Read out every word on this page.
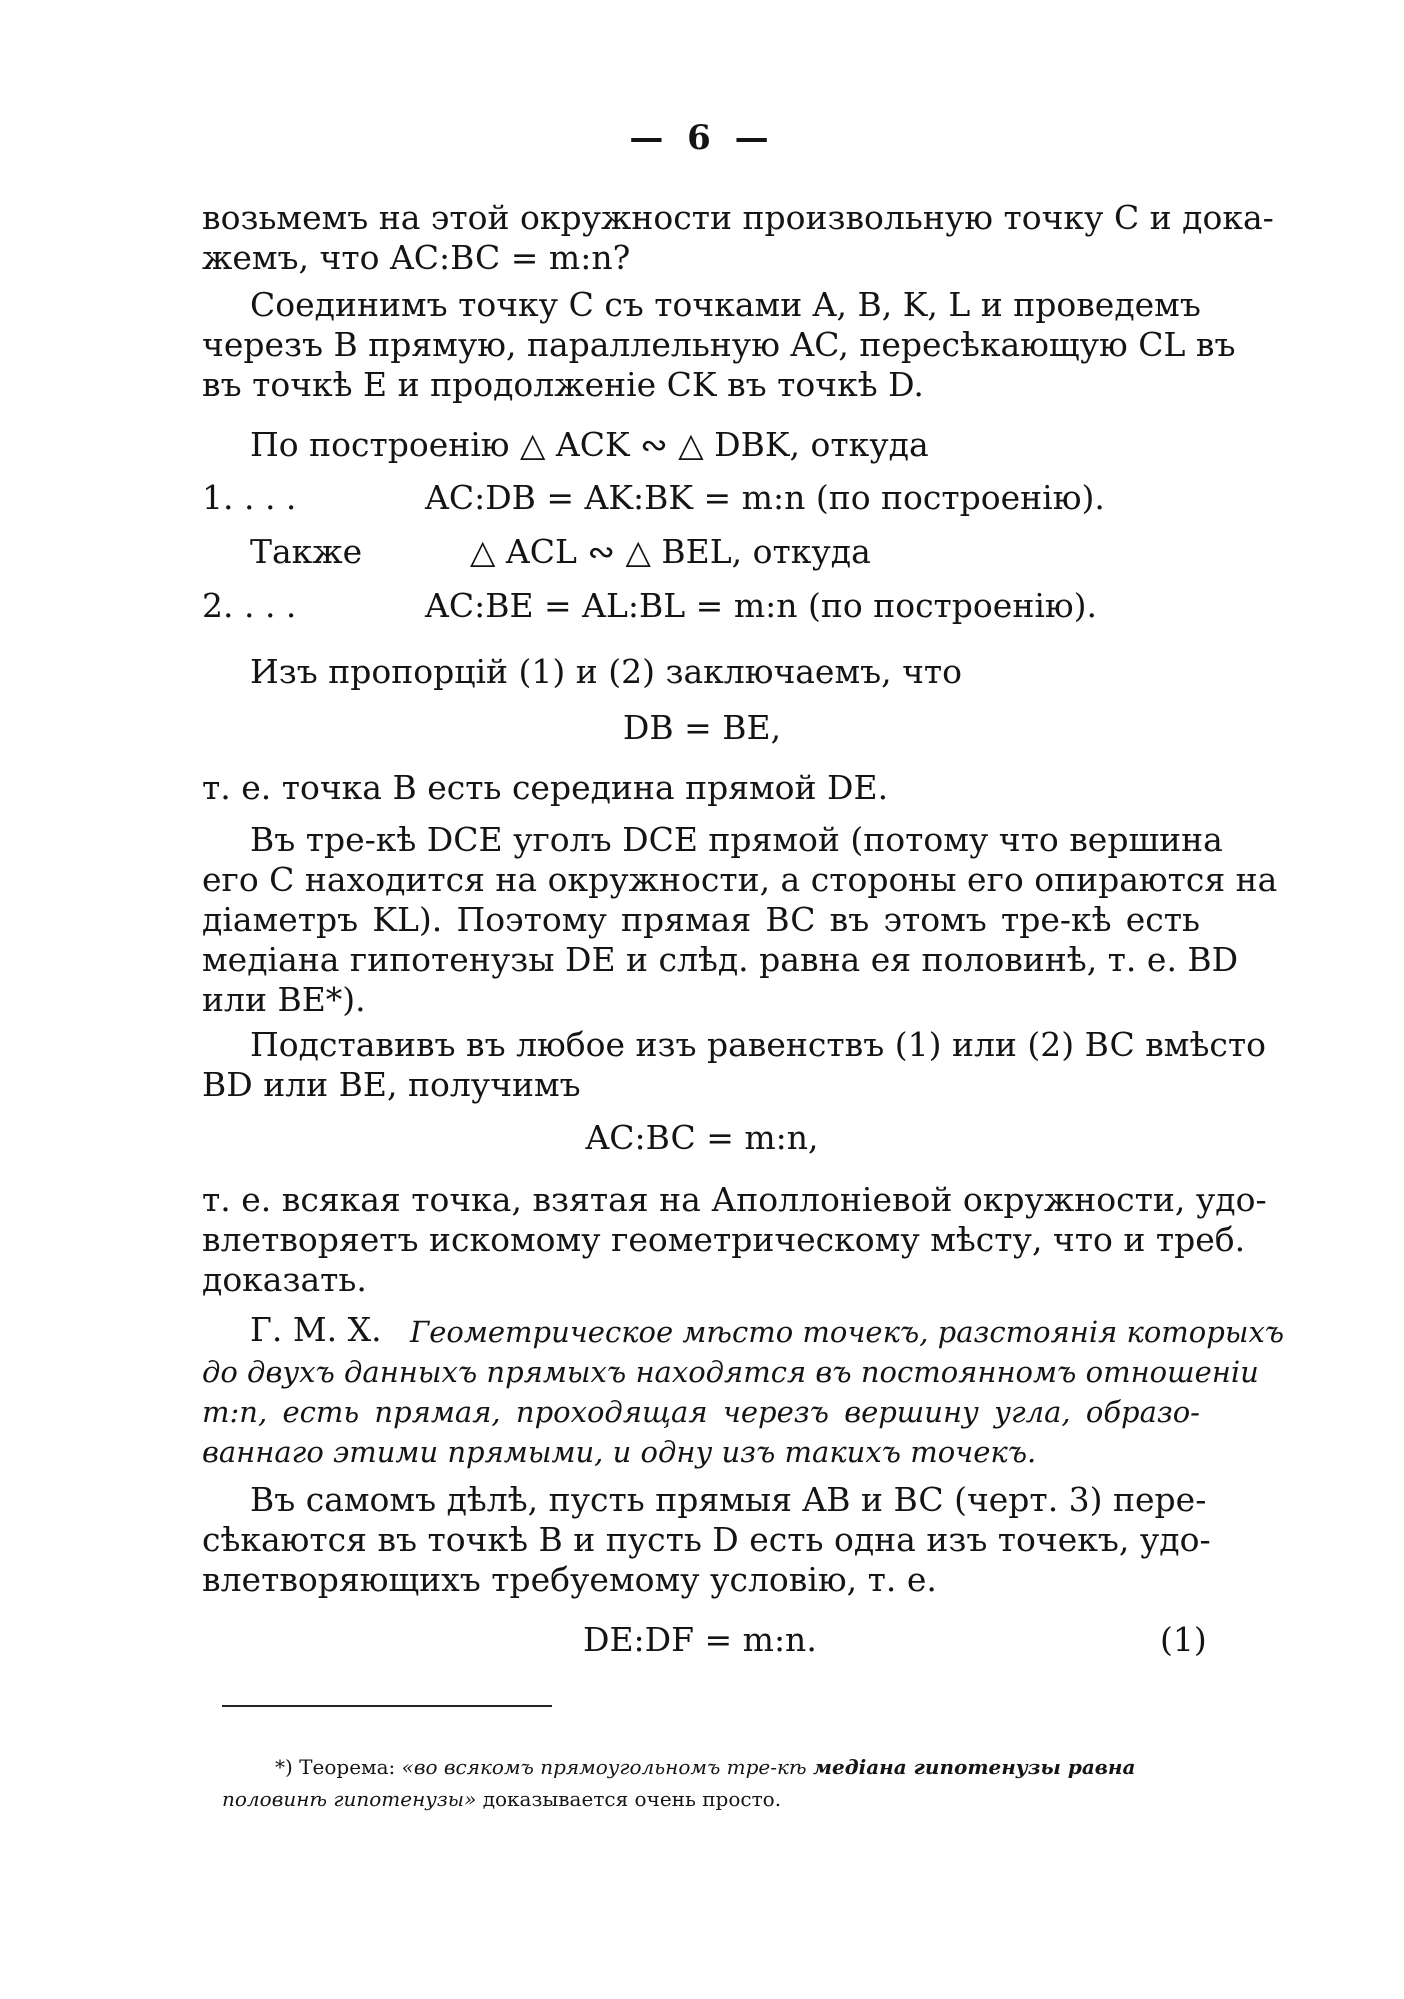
— 6 —
возьмемъ на этой окружности произвольную точку C и дока-
жемъ, что AC:BC = m:n?
Соединимъ точку C съ точками A, B, K, L и проведемъ
черезъ B прямую, параллельную AC, пересѣкающую CL въ
въ точкѣ E и продолженіе CK въ точкѣ D.
По построенію △ ACK ∾ △ DBK, откуда
1. . . .	AC:DB = AK:BK = m:n (по построенію).
Также	△ ACL ∾ △ BEL, откуда
2. . . .	AC:BE = AL:BL = m:n (по построенію).
Изъ пропорцій (1) и (2) заключаемъ, что
DB = BE,
т. е. точка B есть середина прямой DE.
Въ тре-кѣ DCE уголъ DCE прямой (потому что вершина
его C находится на окружности, а стороны его опираются на
діаметръ KL). Поэтому прямая BC въ этомъ тре-кѣ есть
медіана гипотенузы DE и слѣд. равна ея половинѣ, т. е. BD
или BE*).
Подставивъ въ любое изъ равенствъ (1) или (2) BC вмѣсто
BD или BE, получимъ
AC:BC = m:n,
т. е. всякая точка, взятая на Аполлоніевой окружности, удо-
влетворяетъ искомому геометрическому мѣсту, что и треб.
доказать.
Г. М. X. Геометрическое мѣсто точекъ, разстоянія которыхъ
до двухъ данныхъ прямыхъ находятся въ постоянномъ отношеніи
m:n, есть прямая, проходящая черезъ вершину угла, образо-
ваннаго этими прямыми, и одну изъ такихъ точекъ.
Въ самомъ дѣлѣ, пусть прямыя AB и BC (черт. 3) пере-
сѣкаются въ точкѣ B и пусть D есть одна изъ точекъ, удо-
влетворяющихъ требуемому условію, т. е.
DE:DF = m:n.	(1)
*) Теорема: «во всякомъ прямоугольномъ тре-кѣ медіана гипотенузы равна
половинѣ гипотенузы» доказывается очень просто.
